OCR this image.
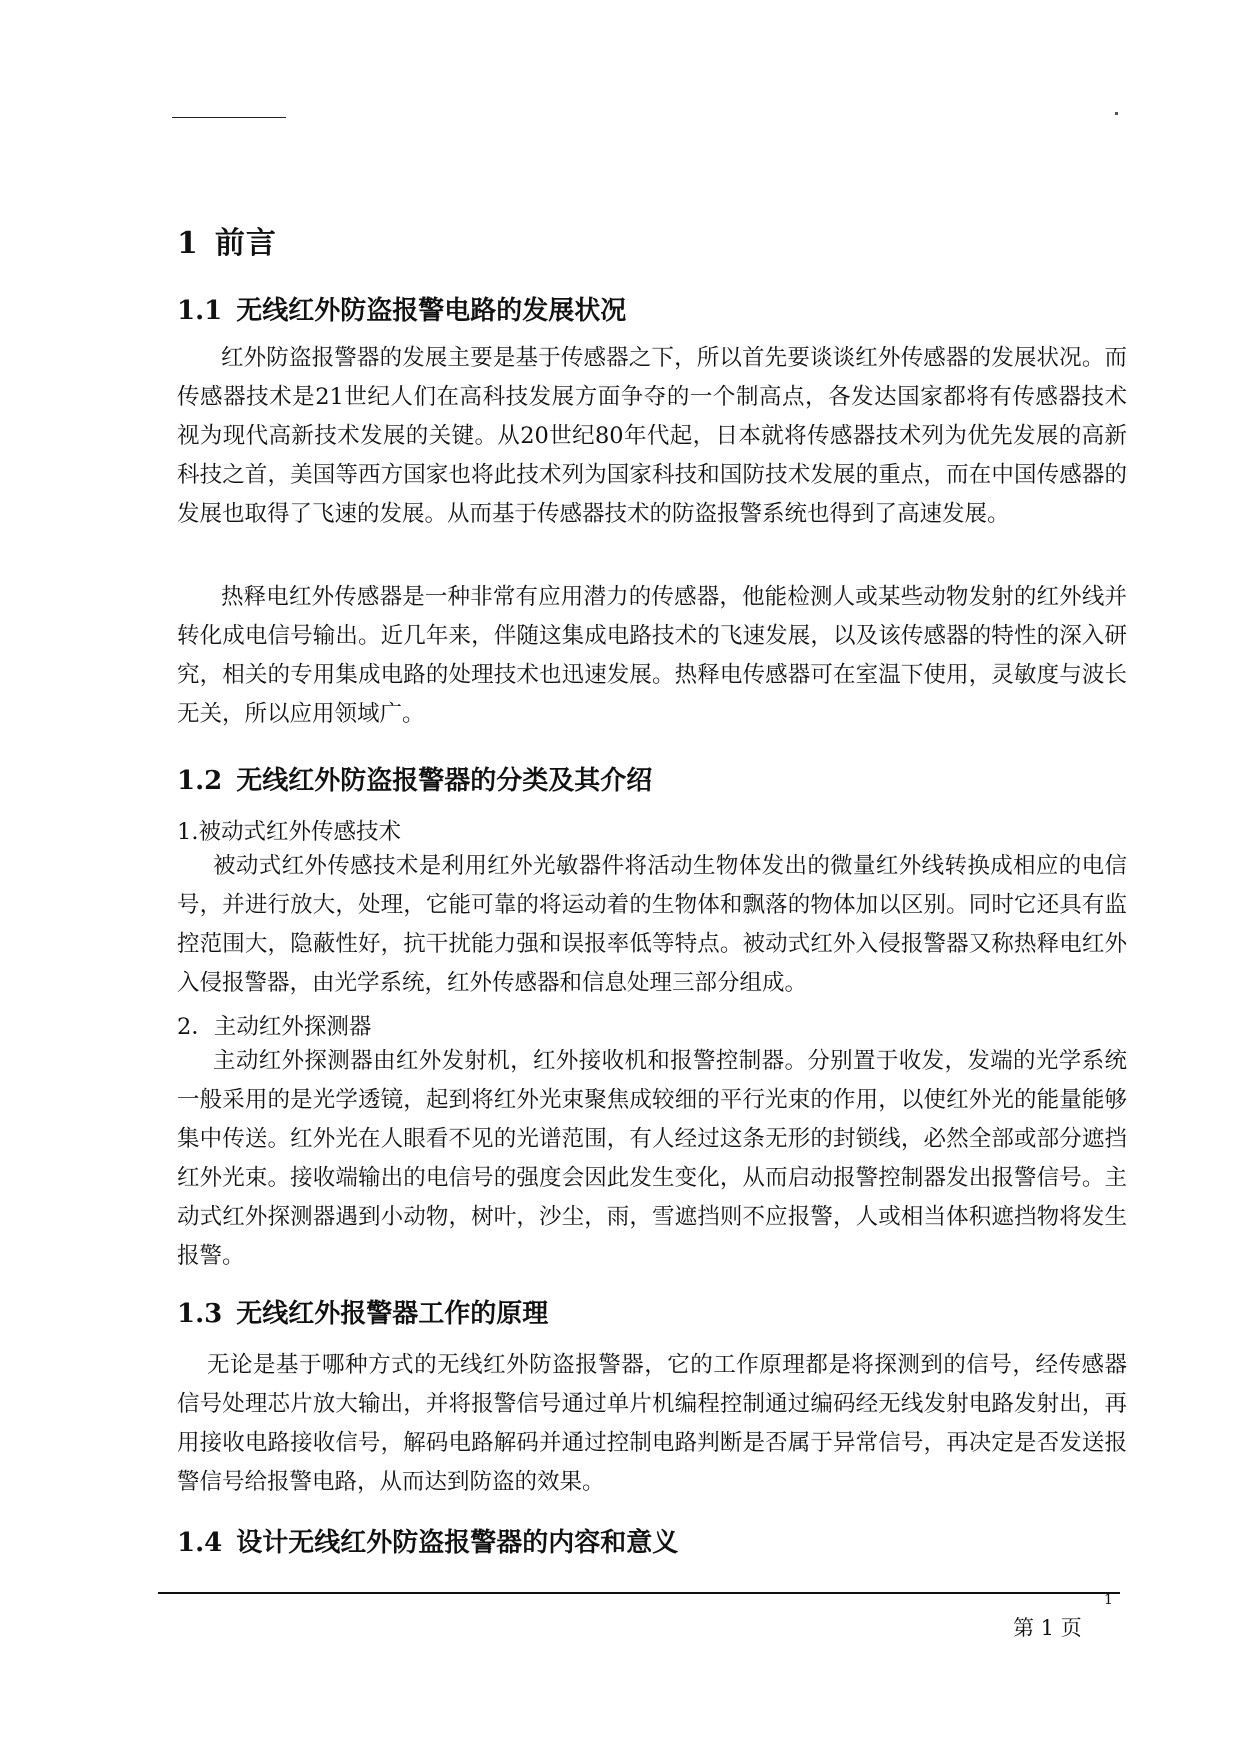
1 前言
1.1 无线红外防盗报警电路的发展状况
红外防盗报警器的发展主要是基于传感器之下，所以首先要谈谈红外传感器的发展状况。而传感器技术是21世纪人们在高科技发展方面争夺的一个制高点，各发达国家都将有传感器技术视为现代高新技术发展的关键。从20世纪80年代起，日本就将传感器技术列为优先发展的高新科技之首，美国等西方国家也将此技术列为国家科技和国防技术发展的重点，而在中国传感器的发展也取得了飞速的发展。从而基于传感器技术的防盗报警系统也得到了高速发展。
热释电红外传感器是一种非常有应用潜力的传感器，他能检测人或某些动物发射的红外线并转化成电信号输出。近几年来，伴随这集成电路技术的飞速发展，以及该传感器的特性的深入研究，相关的专用集成电路的处理技术也迅速发展。热释电传感器可在室温下使用，灵敏度与波长无关，所以应用领域广。
1.2 无线红外防盗报警器的分类及其介绍
1.被动式红外传感技术
被动式红外传感技术是利用红外光敏器件将活动生物体发出的微量红外线转换成相应的电信号，并进行放大，处理，它能可靠的将运动着的生物体和飘落的物体加以区别。同时它还具有监控范围大，隐蔽性好，抗干扰能力强和误报率低等特点。被动式红外入侵报警器又称热释电红外入侵报警器，由光学系统，红外传感器和信息处理三部分组成。
2．主动红外探测器
主动红外探测器由红外发射机，红外接收机和报警控制器。分别置于收发，发端的光学系统一般采用的是光学透镜，起到将红外光束聚焦成较细的平行光束的作用，以使红外光的能量能够集中传送。红外光在人眼看不见的光谱范围，有人经过这条无形的封锁线，必然全部或部分遮挡红外光束。接收端输出的电信号的强度会因此发生变化，从而启动报警控制器发出报警信号。主动式红外探测器遇到小动物，树叶，沙尘，雨，雪遮挡则不应报警，人或相当体积遮挡物将发生报警。
1.3 无线红外报警器工作的原理
无论是基于哪种方式的无线红外防盗报警器，它的工作原理都是将探测到的信号，经传感器信号处理芯片放大输出，并将报警信号通过单片机编程控制通过编码经无线发射电路发射出，再用接收电路接收信号，解码电路解码并通过控制电路判断是否属于异常信号，再决定是否发送报警信号给报警电路，从而达到防盗的效果。
1.4 设计无线红外防盗报警器的内容和意义
1
第 1 页
